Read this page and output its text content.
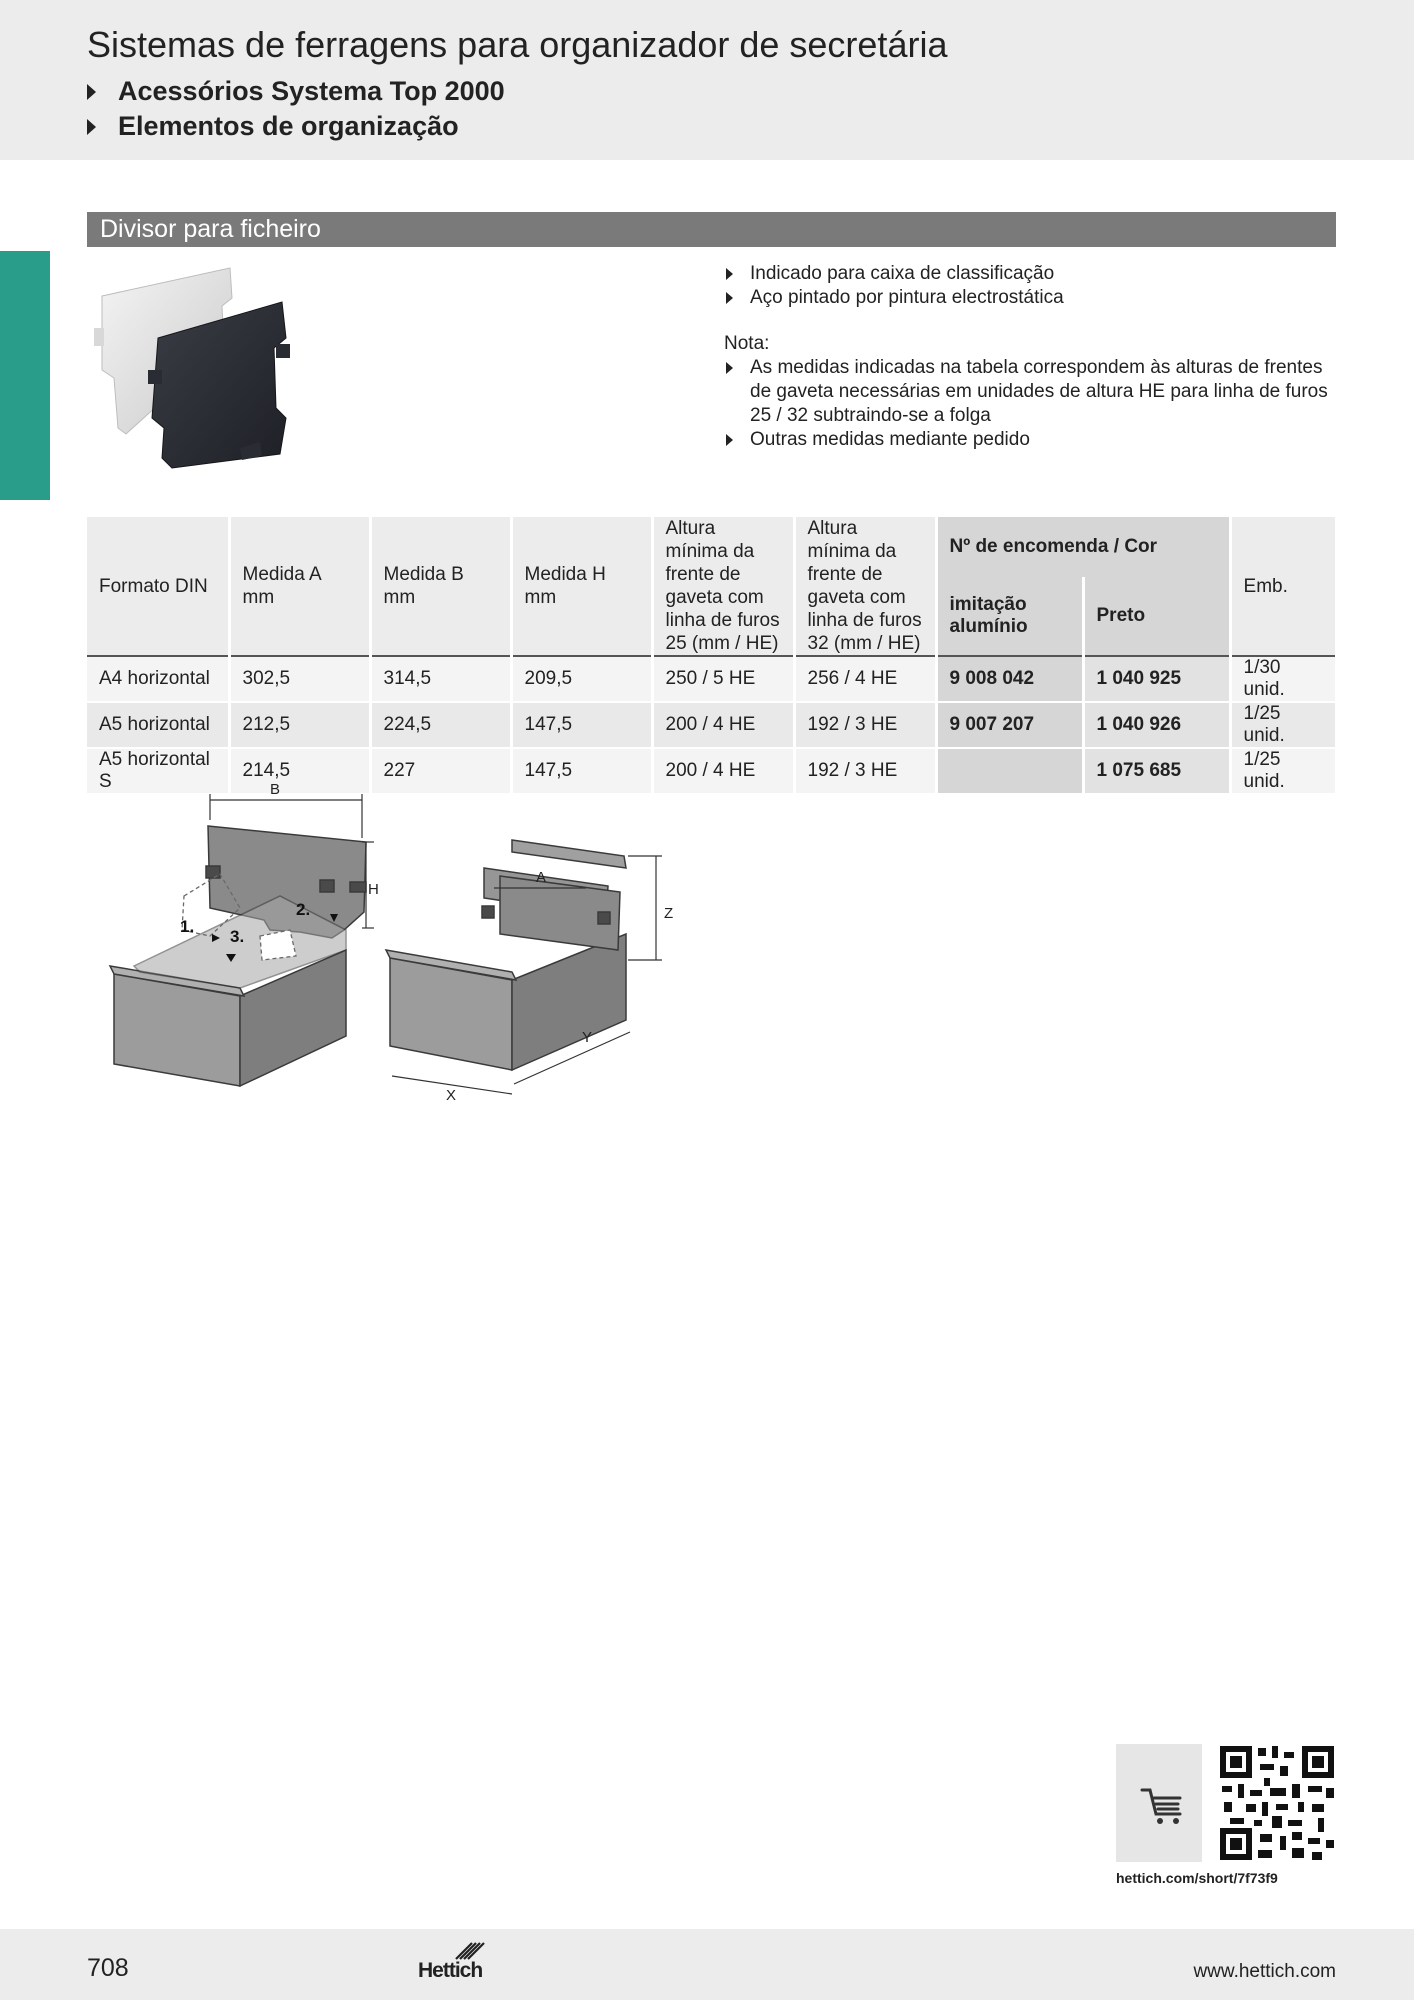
Sistemas de ferragens para organizador de secretária
Acessórios Systema Top 2000
Elementos de organização
Divisor para ficheiro
Indicado para caixa de classificação
Aço pintado por pintura electrostática
Nota:
As medidas indicadas na tabela correspondem às alturas de frentes de gaveta necessárias em unidades de altura HE para linha de furos 25 / 32 subtraindo-se a folga
Outras medidas mediante pedido
Formato DIN	Medida A mm	Medida B mm	Medida H mm	Altura mínima da frente de gaveta com linha de furos 25 (mm / HE)	Altura mínima da frente de gaveta com linha de furos 32 (mm / HE)	Nº de encomenda / Cor		Emb.
						imitação alumínio	Preto	
A4 horizontal	302,5	314,5	209,5	250 / 5 HE	256 / 4 HE	9 008 042	1 040 925	1/30 unid.
A5 horizontal	212,5	224,5	147,5	200 / 4 HE	192 / 3 HE	9 007 207	1 040 926	1/25 unid.
A5 horizontal S	214,5	227	147,5	200 / 4 HE	192 / 3 HE		1 075 685	1/25 unid.
B
H
A
Z
X
Y
1.
2.
3.
hettich.com/short/7f73f9
708	Hettich	www.hettich.com
